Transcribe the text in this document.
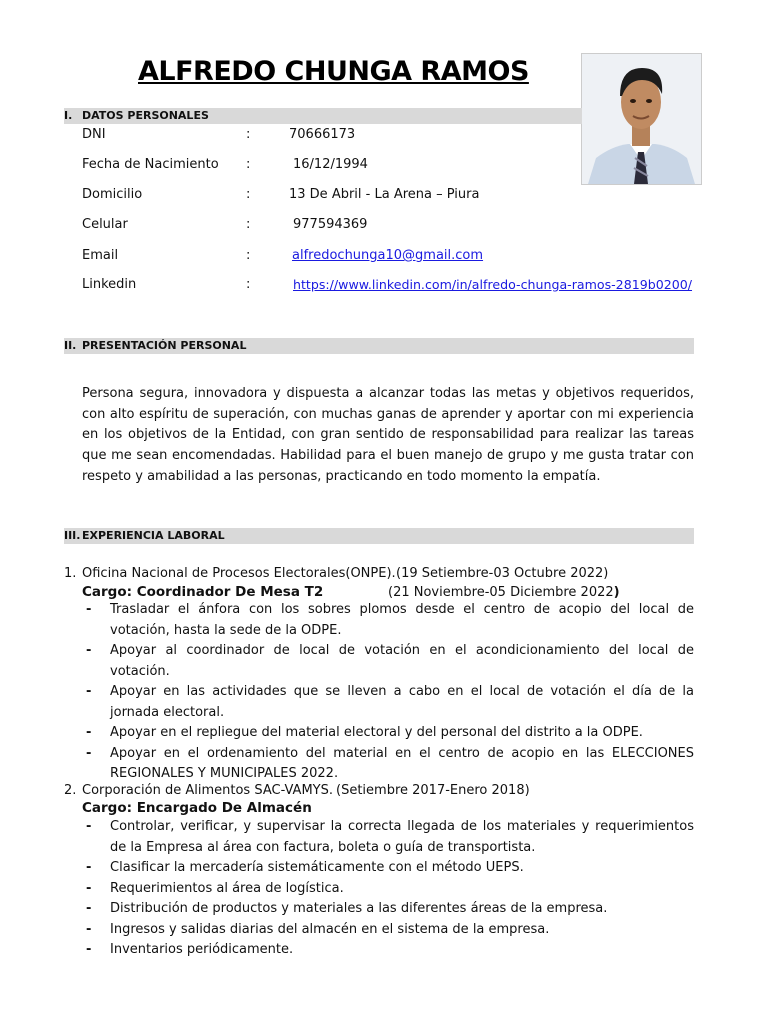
ALFREDO CHUNGA RAMOS
I. DATOS PERSONALES
DNI	:	70666173
Fecha de Nacimiento :	16/12/1994
Domicilio	:	13 De Abril - La Arena – Piura
Celular	:	977594369
Email	:	alfredochunga10@gmail.com
Linkedin	:	https://www.linkedin.com/in/alfredo-chunga-ramos-2819b0200/
II. PRESENTACIÓN PERSONAL
Persona segura, innovadora y dispuesta a alcanzar todas las metas y objetivos requeridos, con alto espíritu de superación, con muchas ganas de aprender y aportar con mi experiencia en los objetivos de la Entidad, con gran sentido de responsabilidad para realizar las tareas que me sean encomendadas. Habilidad para el buen manejo de grupo y me gusta tratar con respeto y amabilidad a las personas, practicando en todo momento la empatía.
III. EXPERIENCIA LABORAL
1. Oficina Nacional de Procesos Electorales(ONPE). (19 Setiembre-03 Octubre 2022)
Cargo: Coordinador De Mesa T2	(21 Noviembre-05 Diciembre 2022)
- Trasladar el ánfora con los sobres plomos desde el centro de acopio del local de votación, hasta la sede de la ODPE.
- Apoyar al coordinador de local de votación en el acondicionamiento del local de votación.
- Apoyar en las actividades que se lleven a cabo en el local de votación el día de la jornada electoral.
- Apoyar en el repliegue del material electoral y del personal del distrito a la ODPE.
- Apoyar en el ordenamiento del material en el centro de acopio en las ELECCIONES REGIONALES Y MUNICIPALES 2022.
2. Corporación de Alimentos SAC-VAMYS. (Setiembre 2017-Enero 2018)
Cargo: Encargado De Almacén
- Controlar, verificar, y supervisar la correcta llegada de los materiales y requerimientos de la Empresa al área con factura, boleta o guía de transportista.
- Clasificar la mercadería sistemáticamente con el método UEPS.
- Requerimientos al área de logística.
- Distribución de productos y materiales a las diferentes áreas de la empresa.
- Ingresos y salidas diarias del almacén en el sistema de la empresa.
- Inventarios periódicamente.
